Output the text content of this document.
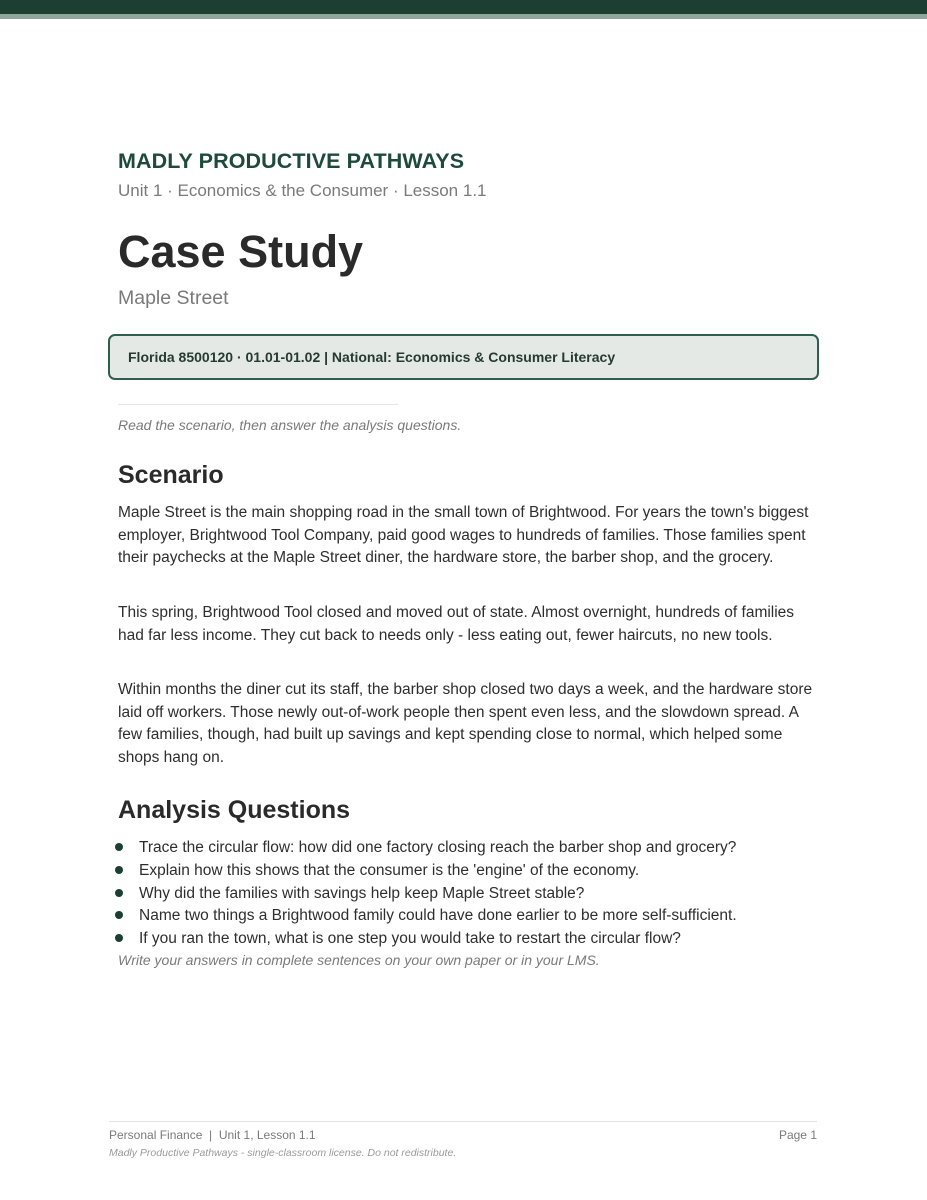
MADLY PRODUCTIVE PATHWAYS
Unit 1 · Economics & the Consumer · Lesson 1.1
Case Study
Maple Street
Florida 8500120 · 01.01-01.02 | National: Economics & Consumer Literacy
Read the scenario, then answer the analysis questions.
Scenario

Maple Street is the main shopping road in the small town of Brightwood. For years the town's biggest employer, Brightwood Tool Company, paid good wages to hundreds of families. Those families spent their paychecks at the Maple Street diner, the hardware store, the barber shop, and the grocery.

This spring, Brightwood Tool closed and moved out of state. Almost overnight, hundreds of families had far less income. They cut back to needs only - less eating out, fewer haircuts, no new tools.

Within months the diner cut its staff, the barber shop closed two days a week, and the hardware store laid off workers. Those newly out-of-work people then spent even less, and the slowdown spread. A few families, though, had built up savings and kept spending close to normal, which helped some shops hang on.

Analysis Questions
Trace the circular flow: how did one factory closing reach the barber shop and grocery?
Explain how this shows that the consumer is the 'engine' of the economy.
Why did the families with savings help keep Maple Street stable?
Name two things a Brightwood family could have done earlier to be more self-sufficient.
If you ran the town, what is one step you would take to restart the circular flow?
Write your answers in complete sentences on your own paper or in your LMS.
Personal Finance  |  Unit 1, Lesson 1.1	Page 1
Madly Productive Pathways - single-classroom license. Do not redistribute.
